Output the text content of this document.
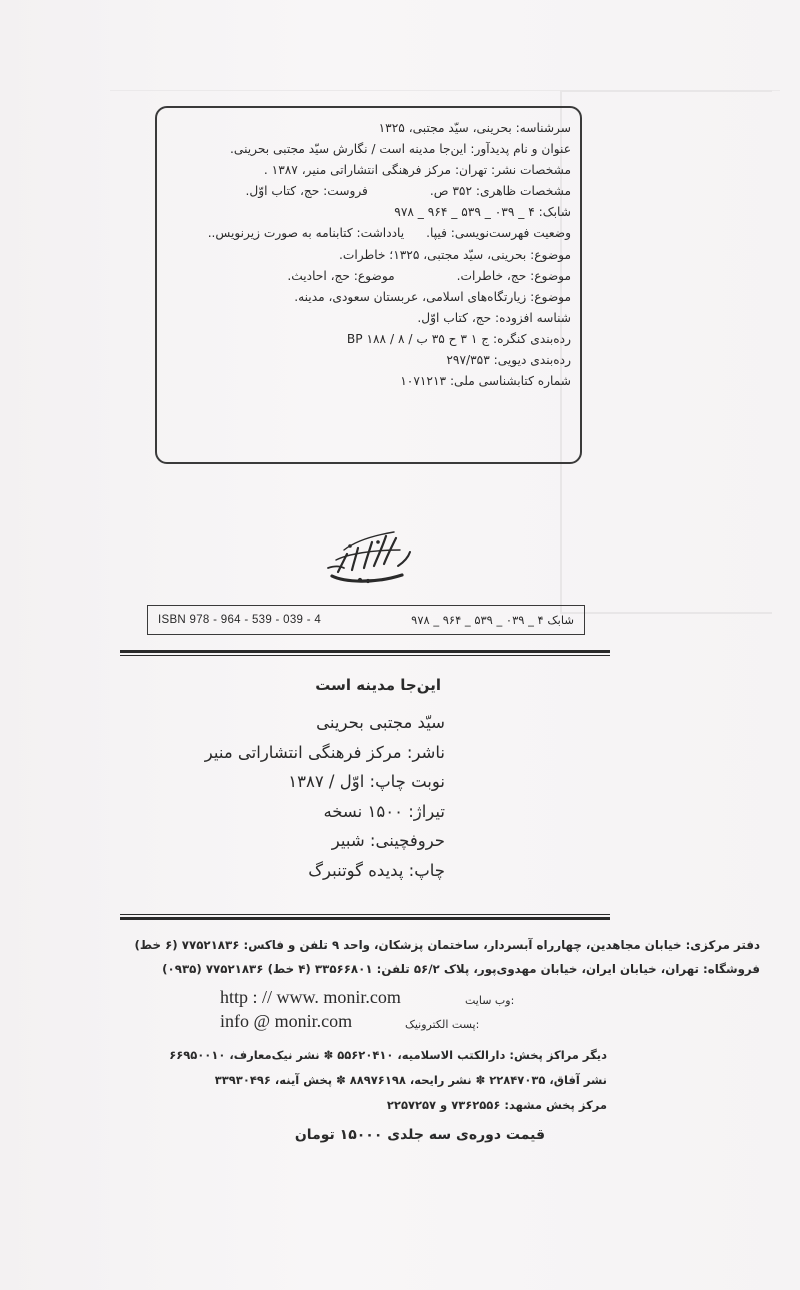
سرشناسه: بحرینی، سیّد مجتبی، ۱۳۲۵
عنوان و نام پدیدآور: این‌جا مدینه است / نگارش سیّد مجتبی بحرینی.
مشخصات نشر: تهران: مرکز فرهنگی انتشاراتی منیر، ۱۳۸۷ .
مشخصات ظاهری: ۳۵۲ ص.فروست: حج، کتاب اوّل.
شابک: ۴ _ ۰۳۹ _ ۵۳۹ _ ۹۶۴ _ ۹۷۸
وضعیت فهرست‌نویسی: فیپا.یادداشت: کتابنامه به صورت زیرنویس..
موضوع: بحرینی، سیّد مجتبی، ۱۳۲۵؛ خاطرات.
موضوع: حج، خاطرات.موضوع: حج، احادیث.
موضوع: زیارتگاه‌های اسلامی، عربستان سعودی، مدینه.
شناسه افزوده: حج، کتاب اوّل.
رده‌بندی کنگره: ج ۱ ۳ ح ۳۵ ب / ۸ / ۱۸۸ BP
رده‌بندی دیویی: ۲۹۷/۳۵۳
شماره کتابشناسی ملی: ۱۰۷۱۲۱۳
ISBN 978 - 964 - 539 - 039 - 4	شابک ۴ _ ۰۳۹ _ ۵۳۹ _ ۹۶۴ _ ۹۷۸
این‌جا مدینه است
سیّد مجتبی بحرینی
ناشر: مرکز فرهنگی انتشاراتی منیر
نوبت چاپ: اوّل / ۱۳۸۷
تیراژ: ۱۵۰۰ نسخه
حروفچینی: شبیر
چاپ: پدیده گوتنبرگ
دفتر مرکزی: خیابان مجاهدین، چهارراه آبسردار، ساختمان پزشکان، واحد ۹ تلفن و فاکس: ۷۷۵۲۱۸۳۶ (۶ خط)
فروشگاه: تهران، خیابان ایران، خیابان مهدوی‌پور، پلاک ۵۶/۲ تلفن: ۳۳۵۶۶۸۰۱ (۴ خط) ۷۷۵۲۱۸۳۶ (۰۹۳۵)
وب سایت:
http : // www. monir.com
پست الکترونیک:
info @ monir.com
دیگر مراکز پخش: دارالکتب الاسلامیه، ۵۵۶۲۰۴۱۰ ✽ نشر نیک‌معارف، ۶۶۹۵۰۰۱۰
نشر آفاق، ۲۲۸۴۷۰۳۵ ✽ نشر رایحه، ۸۸۹۷۶۱۹۸ ✽ پخش آینه، ۳۳۹۳۰۴۹۶
مرکز پخش مشهد: ۷۳۶۲۵۵۶ و ۲۲۵۷۲۵۷
قیمت دوره‌ی سه جلدی ۱۵۰۰۰ تومان
